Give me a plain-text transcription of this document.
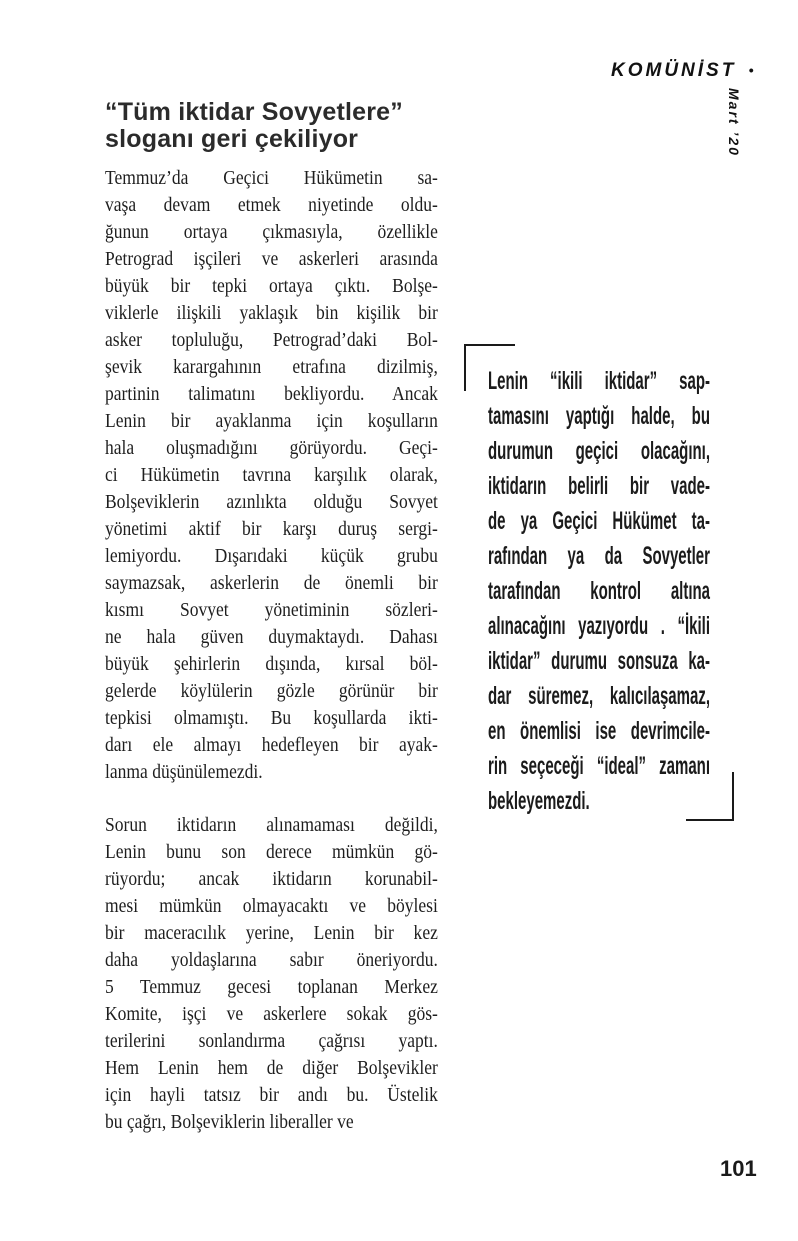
KOMÜNİST •
Mart ’20
“Tüm iktidar Sovyetlere”
sloganı geri çekiliyor
Temmuz’da Geçici Hükümetin sa-
vaşa devam etmek niyetinde oldu-
ğunun ortaya çıkmasıyla, özellikle
Petrograd işçileri ve askerleri arasında
büyük bir tepki ortaya çıktı. Bolşe-
viklerle ilişkili yaklaşık bin kişilik bir
asker topluluğu, Petrograd’daki Bol-
şevik karargahının etrafına dizilmiş,
partinin talimatını bekliyordu. Ancak
Lenin bir ayaklanma için koşulların
hala oluşmadığını görüyordu. Geçi-
ci Hükümetin tavrına karşılık olarak,
Bolşeviklerin azınlıkta olduğu Sovyet
yönetimi aktif bir karşı duruş sergi-
lemiyordu. Dışarıdaki küçük grubu
saymazsak, askerlerin de önemli bir
kısmı Sovyet yönetiminin sözleri-
ne hala güven duymaktaydı. Dahası
büyük şehirlerin dışında, kırsal böl-
gelerde köylülerin gözle görünür bir
tepkisi olmamıştı. Bu koşullarda ikti-
darı ele almayı hedefleyen bir ayak-
lanma düşünülemezdi.
Sorun iktidarın alınamaması değildi,
Lenin bunu son derece mümkün gö-
rüyordu; ancak iktidarın korunabil-
mesi mümkün olmayacaktı ve böylesi
bir maceracılık yerine, Lenin bir kez
daha yoldaşlarına sabır öneriyordu.
5 Temmuz gecesi toplanan Merkez
Komite, işçi ve askerlere sokak gös-
terilerini sonlandırma çağrısı yaptı.
Hem Lenin hem de diğer Bolşevikler
için hayli tatsız bir andı bu. Üstelik
bu çağrı, Bolşeviklerin liberaller ve
Lenin “ikili iktidar” sap-
tamasını yaptığı halde, bu
durumun geçici olacağını,
iktidarın belirli bir vade-
de ya Geçici Hükümet ta-
rafından ya da Sovyetler
tarafından kontrol altına
alınacağını yazıyordu . “İkili
iktidar” durumu sonsuza ka-
dar süremez, kalıcılaşamaz,
en önemlisi ise devrimcile-
rin seçeceği “ideal” zamanı
bekleyemezdi.
101
